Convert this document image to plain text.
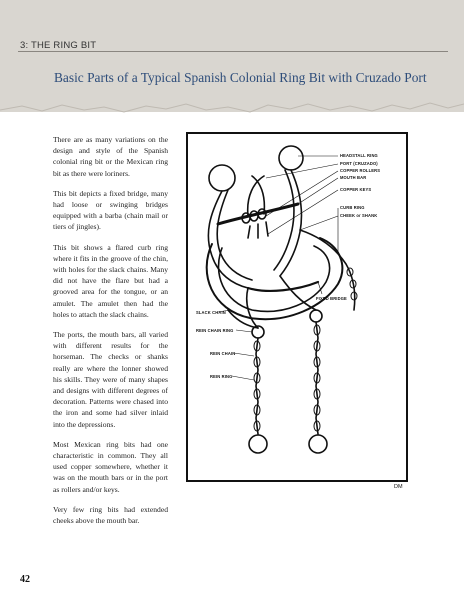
3: THE RING BIT
Basic Parts of a Typical Spanish Colonial Ring Bit with Cruzado Port

There are as many variations on the design and style of the Spanish colonial ring bit or the Mexican ring bit as there were loriners.

This bit depicts a fixed bridge, many had loose or swinging bridges equipped with a barba (chain mail or tiers of jingles).

This bit shows a flared curb ring where it fits in the groove of the chin, with holes for the slack chains. Many did not have the flare but had a grooved area for the tongue, or an amulet. The amulet then had the holes to attach the slack chains.

The ports, the mouth bars, all varied with different results for the horseman. The checks or shanks really are where the lonner showed his skills. They were of many shapes and designs with different degrees of decoration. Patterns were chased into the iron and some had silver inlaid into the depressions.

Most Mexican ring bits had one characteristic in common. They all used copper somewhere, whether it was on the mouth bars or in the port as rollers and/or keys.

Very few ring bits had extended cheeks above the mouth bar.

HEADSTALL RING
PORT (CRUZADO)
COPPER ROLLERS
MOUTH BAR
COPPER KEYS
CURB RING
CHEEK or SHANK
FIXED BRIDGE
SLACK CHAIN
REIN CHAIN RING
REIN CHAIN
REIN RING
DM
42
